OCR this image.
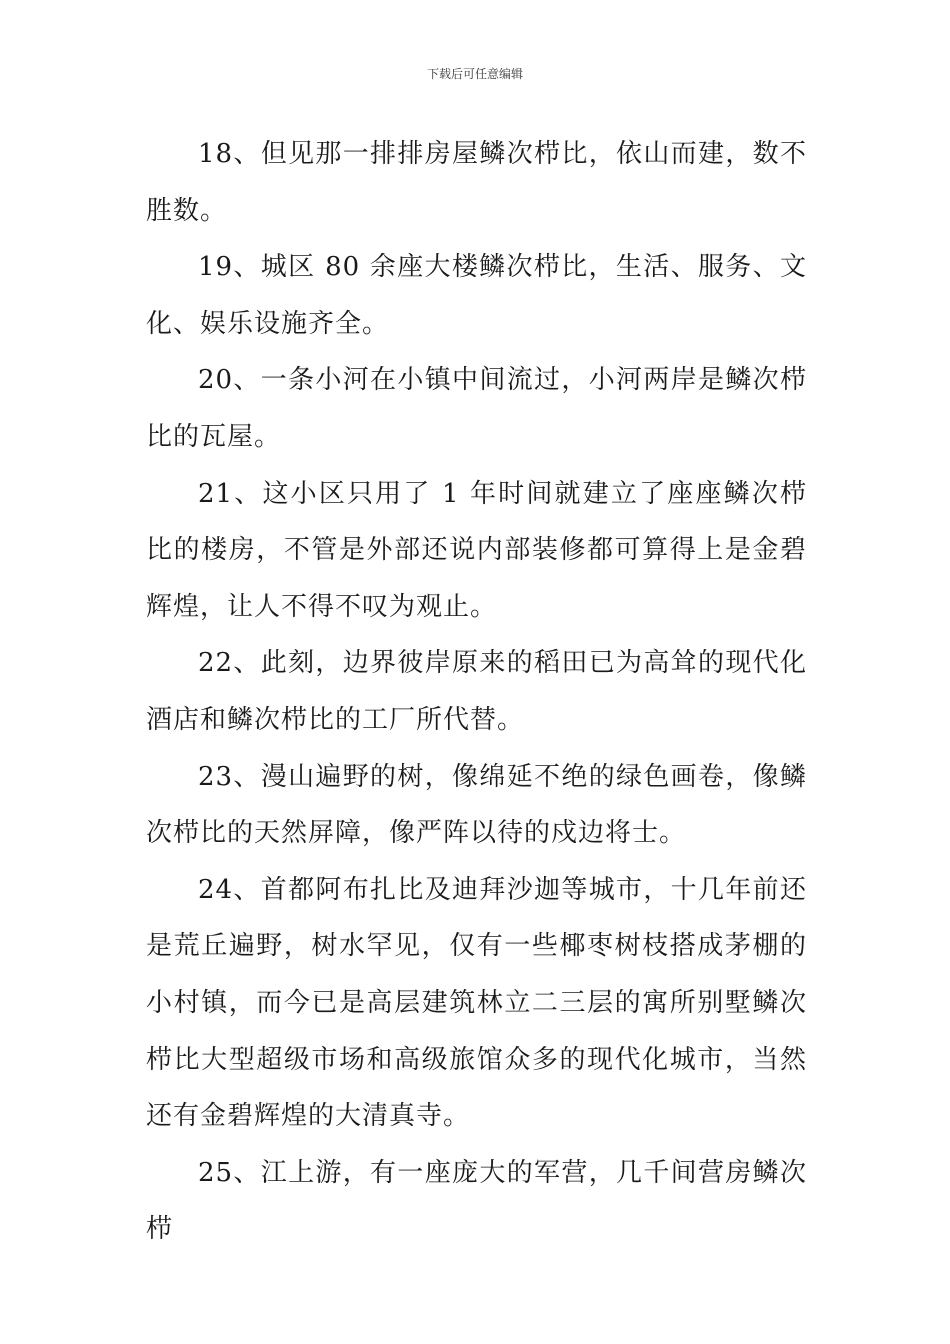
下载后可任意编辑

18、但见那一排排房屋鳞次栉比，依山而建，数不胜数。

19、城区 80 余座大楼鳞次栉比，生活、服务、文化、娱乐设施齐全。

20、一条小河在小镇中间流过，小河两岸是鳞次栉比的瓦屋。

21、这小区只用了 1 年时间就建立了座座鳞次栉比的楼房，不管是外部还说内部装修都可算得上是金碧辉煌，让人不得不叹为观止。

22、此刻，边界彼岸原来的稻田已为高耸的现代化酒店和鳞次栉比的工厂所代替。

23、漫山遍野的树，像绵延不绝的绿色画卷，像鳞次栉比的天然屏障，像严阵以待的戍边将士。

24、首都阿布扎比及迪拜沙迦等城市，十几年前还是荒丘遍野，树水罕见，仅有一些椰枣树枝搭成茅棚的小村镇，而今已是高层建筑林立二三层的寓所别墅鳞次栉比大型超级市场和高级旅馆众多的现代化城市，当然还有金碧辉煌的大清真寺。

25、江上游，有一座庞大的军营，几千间营房鳞次栉
